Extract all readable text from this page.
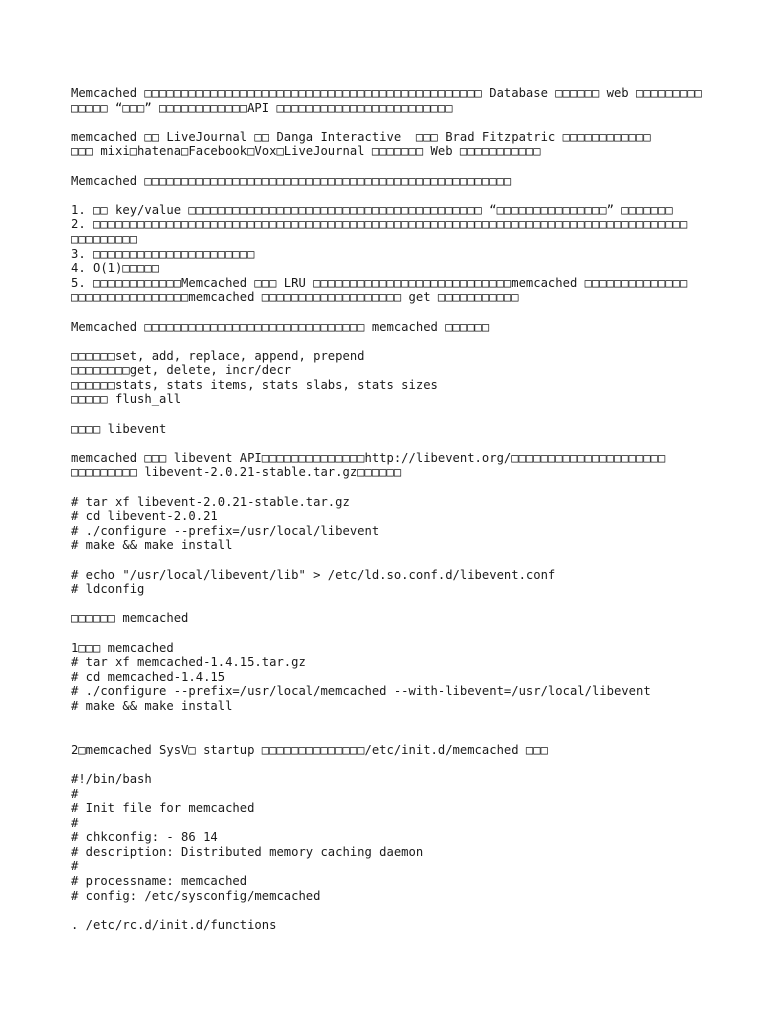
Memcached □□□□□□□□□□□□□□□□□□□□□□□□□□□□□□□□□□□□□□□□□□□□□□ Database □□□□□□ web □□□□□□□□□
□□□□□ “□□□” □□□□□□□□□□□□API □□□□□□□□□□□□□□□□□□□□□□□□
memcached □□ LiveJournal □□ Danga Interactive  □□□ Brad Fitzpatric □□□□□□□□□□□□
□□□ mixi□hatena□Facebook□Vox□LiveJournal □□□□□□□ Web □□□□□□□□□□□
Memcached □□□□□□□□□□□□□□□□□□□□□□□□□□□□□□□□□□□□□□□□□□□□□□□□□□
1. □□ key/value □□□□□□□□□□□□□□□□□□□□□□□□□□□□□□□□□□□□□□□□ “□□□□□□□□□□□□□□□” □□□□□□□
2. □□□□□□□□□□□□□□□□□□□□□□□□□□□□□□□□□□□□□□□□□□□□□□□□□□□□□□□□□□□□□□□□□□□□□□□□□□□□□□□□□
□□□□□□□□□
3. □□□□□□□□□□□□□□□□□□□□□□
4. O(1)□□□□□
5. □□□□□□□□□□□□Memcached □□□ LRU □□□□□□□□□□□□□□□□□□□□□□□□□□□memcached □□□□□□□□□□□□□□
□□□□□□□□□□□□□□□□memcached □□□□□□□□□□□□□□□□□□□ get □□□□□□□□□□□
Memcached □□□□□□□□□□□□□□□□□□□□□□□□□□□□□□ memcached □□□□□□
□□□□□□set, add, replace, append, prepend
□□□□□□□□get, delete, incr/decr
□□□□□□stats, stats items, stats slabs, stats sizes
□□□□□ flush_all
□□□□ libevent
memcached □□□ libevent API□□□□□□□□□□□□□□http://libevent.org/□□□□□□□□□□□□□□□□□□□□□
□□□□□□□□□ libevent-2.0.21-stable.tar.gz□□□□□□
# tar xf libevent-2.0.21-stable.tar.gz
# cd libevent-2.0.21
# ./configure --prefix=/usr/local/libevent
# make && make install
# echo "/usr/local/libevent/lib" > /etc/ld.so.conf.d/libevent.conf
# ldconfig
□□□□□□ memcached
1□□□ memcached
# tar xf memcached-1.4.15.tar.gz
# cd memcached-1.4.15
# ./configure --prefix=/usr/local/memcached --with-libevent=/usr/local/libevent
# make && make install
2□memcached SysV□ startup □□□□□□□□□□□□□□/etc/init.d/memcached □□□
#!/bin/bash
#
# Init file for memcached
#
# chkconfig: - 86 14
# description: Distributed memory caching daemon
#
# processname: memcached
# config: /etc/sysconfig/memcached
. /etc/rc.d/init.d/functions
